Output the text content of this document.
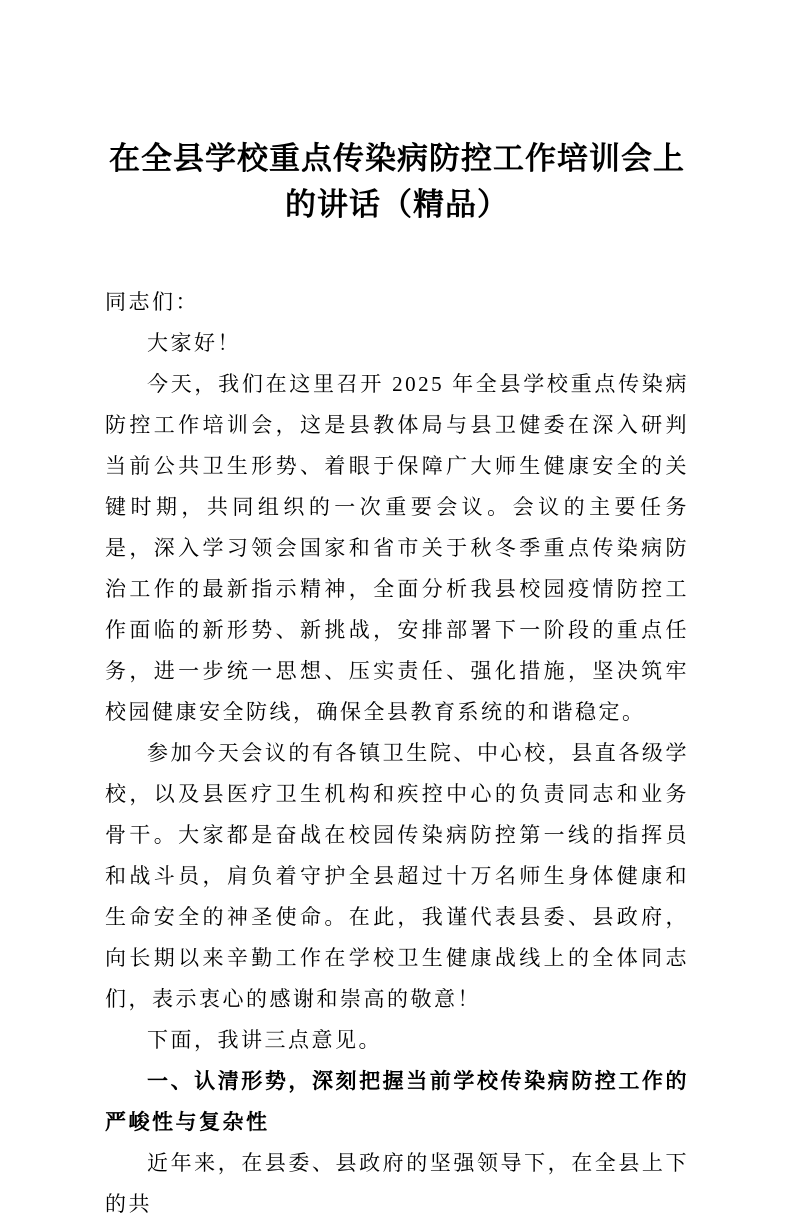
在全县学校重点传染病防控工作培训会上的讲话（精品）

同志们：

大家好！

今天，我们在这里召开 2025 年全县学校重点传染病防控工作培训会，这是县教体局与县卫健委在深入研判当前公共卫生形势、着眼于保障广大师生健康安全的关键时期，共同组织的一次重要会议。会议的主要任务是，深入学习领会国家和省市关于秋冬季重点传染病防治工作的最新指示精神，全面分析我县校园疫情防控工作面临的新形势、新挑战，安排部署下一阶段的重点任务，进一步统一思想、压实责任、强化措施，坚决筑牢校园健康安全防线，确保全县教育系统的和谐稳定。

参加今天会议的有各镇卫生院、中心校，县直各级学校，以及县医疗卫生机构和疾控中心的负责同志和业务骨干。大家都是奋战在校园传染病防控第一线的指挥员和战斗员，肩负着守护全县超过十万名师生身体健康和生命安全的神圣使命。在此，我谨代表县委、县政府，向长期以来辛勤工作在学校卫生健康战线上的全体同志们，表示衷心的感谢和崇高的敬意！

下面，我讲三点意见。

一、认清形势，深刻把握当前学校传染病防控工作的严峻性与复杂性

近年来，在县委、县政府的坚强领导下，在全县上下的共
